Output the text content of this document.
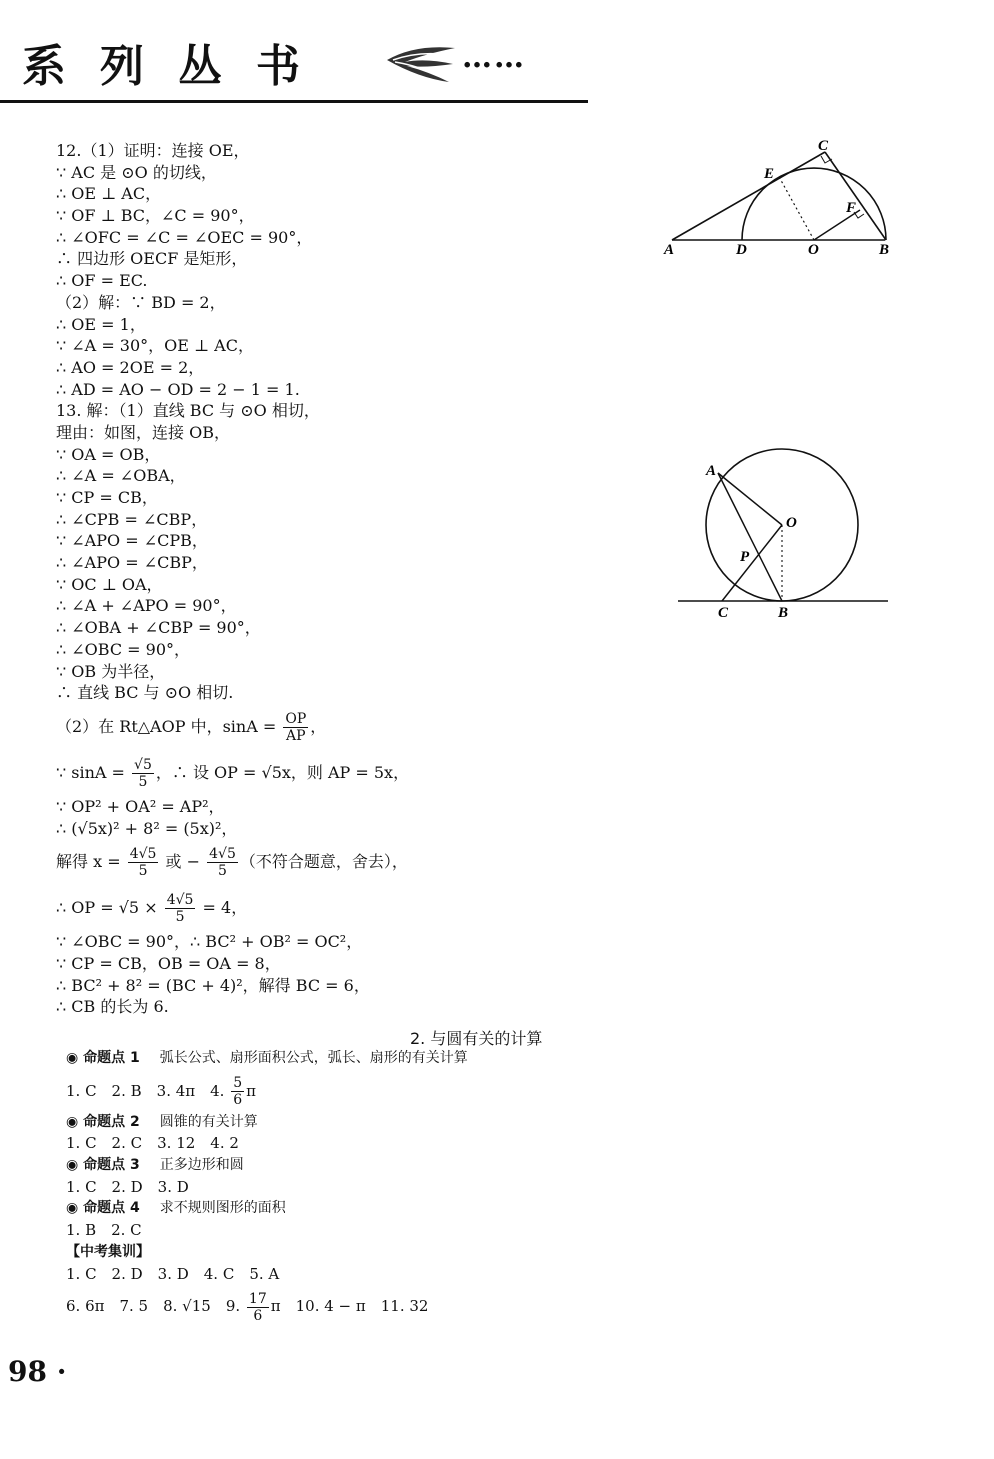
系列丛书	……
12.（1）证明：连接 OE，
∵ AC 是 ⊙O 的切线，
∴ OE ⊥ AC，
∵ OF ⊥ BC，∠C = 90°，
∴ ∠OFC = ∠C = ∠OEC = 90°，
∴ 四边形 OECF 是矩形，
∴ OF = EC.
（2）解：∵ BD = 2，
∴ OE = 1，
∵ ∠A = 30°，OE ⊥ AC，
∴ AO = 2OE = 2，
∴ AD = AO − OD = 2 − 1 = 1.
13. 解：（1）直线 BC 与 ⊙O 相切，
理由：如图，连接 OB，
∵ OA = OB，
∴ ∠A = ∠OBA，
∵ CP = CB，
∴ ∠CPB = ∠CBP，
∵ ∠APO = ∠CPB，
∴ ∠APO = ∠CBP，
∵ OC ⊥ OA，
∴ ∠A + ∠APO = 90°，
∴ ∠OBA + ∠CBP = 90°，
∴ ∠OBC = 90°，
∵ OB 为半径，
∴ 直线 BC 与 ⊙O 相切.
（2）在 Rt△AOP 中，$\sin A = \frac{OP}{AP}$ ，
∵ $\sin A = \frac{√5}{5}$ ，∴ 设 OP = √5x，则 AP = 5x，
∵ OP² + OA² = AP²，
∴ (√5x)² + 8² = (5x)²，
解得 $x = \frac{4√5}{5}$ 或 − $\frac{4√5}{5}$ （不符合题意，舍去），
∴ OP = $√5 \times \frac{4√5}{5} = 4$，
∵ ∠OBC = 90°，∴ BC² + OB² = OC²，
∵ CP = CB，OB = OA = 8，
∴ BC² + 8² = (BC + 4)²，解得 BC = 6，
∴ CB 的长为 6.
A	D	O	B
C
E
F
A
O
P
C	B
2. 与圆有关的计算
◉ 命题点 1 弧长公式、扇形面积公式，弧长、扇形的有关计算
1. C　2. B　3. 4π　4. $\frac{5}{6}$ π
◉ 命题点 2 圆锥的有关计算
1. C　2. C　3. 12　4. 2
◉ 命题点 3 正多边形和圆
1. C　2. D　3. D
◉ 命题点 4 求不规则图形的面积
1. B　2. C
【中考集训】
1. C　2. D　3. D　4. C　5. A
6. 6π　7. 5　8. √15　9. $\frac{17}{6}$ π　10. 4 − π　11. 32
98 ·
